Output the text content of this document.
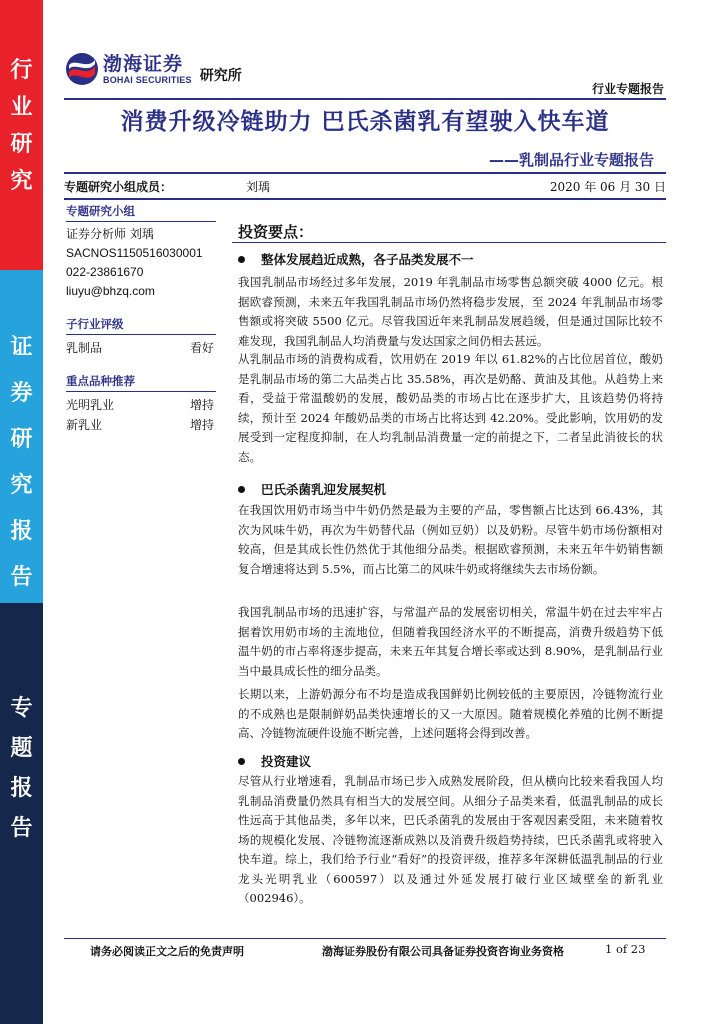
行
业
研
究
证
券
研
究
报
告
专
题
报
告
渤海证券
BOHAI SECURITIES 研究所
行业专题报告
消费升级冷链助力 巴氏杀菌乳有望驶入快车道
——乳制品行业专题报告
专题研究小组成员：	刘瑀	2020 年 06 月 30 日
专题研究小组
证券分析师 刘瑀
SACNOS1150516030001
022-23861670
liuyu@bhzq.com
子行业评级
乳制品	看好
重点品种推荐
光明乳业	增持
新乳业	增持
投资要点：
整体发展趋近成熟，各子品类发展不一
我国乳制品市场经过多年发展，2019 年乳制品市场零售总额突破 4000 亿元。根据欧睿预测，未来五年我国乳制品市场仍然将稳步发展，至 2024 年乳制品市场零售额或将突破 5500 亿元。尽管我国近年来乳制品发展趋缓，但是通过国际比较不难发现，我国乳制品人均消费量与发达国家之间仍相去甚远。
从乳制品市场的消费构成看，饮用奶在 2019 年以 61.82%的占比位居首位，酸奶是乳制品市场的第二大品类占比 35.58%，再次是奶酪、黄油及其他。从趋势上来看，受益于常温酸奶的发展，酸奶品类的市场占比在逐步扩大，且该趋势仍将持续，预计至 2024 年酸奶品类的市场占比将达到 42.20%。受此影响，饮用奶的发展受到一定程度抑制，在人均乳制品消费量一定的前提之下，二者呈此消彼长的状态。
巴氏杀菌乳迎发展契机
在我国饮用奶市场当中牛奶仍然是最为主要的产品，零售额占比达到 66.43%，其次为风味牛奶，再次为牛奶替代品（例如豆奶）以及奶粉。尽管牛奶市场份额相对较高，但是其成长性仍然优于其他细分品类。根据欧睿预测，未来五年牛奶销售额复合增速将达到 5.5%，而占比第二的风味牛奶或将继续失去市场份额。
我国乳制品市场的迅速扩容，与常温产品的发展密切相关，常温牛奶在过去牢牢占据着饮用奶市场的主流地位，但随着我国经济水平的不断提高，消费升级趋势下低温牛奶的市占率将逐步提高，未来五年其复合增长率或达到 8.90%，是乳制品行业当中最具成长性的细分品类。
长期以来，上游奶源分布不均是造成我国鲜奶比例较低的主要原因，冷链物流行业的不成熟也是限制鲜奶品类快速增长的又一大原因。随着规模化养殖的比例不断提高、冷链物流硬件设施不断完善，上述问题将会得到改善。
投资建议
尽管从行业增速看，乳制品市场已步入成熟发展阶段，但从横向比较来看我国人均乳制品消费量仍然具有相当大的发展空间。从细分子品类来看，低温乳制品的成长性远高于其他品类，多年以来，巴氏杀菌乳的发展由于客观因素受阻，未来随着牧场的规模化发展、冷链物流逐渐成熟以及消费升级趋势持续，巴氏杀菌乳或将驶入快车道。综上，我们给予行业“看好”的投资评级，推荐多年深耕低温乳制品的行业龙头光明乳业（600597）以及通过外延发展打破行业区域壁垒的新乳业（002946）。
请务必阅读正文之后的免责声明	渤海证券股份有限公司具备证券投资咨询业务资格	1 of 23
